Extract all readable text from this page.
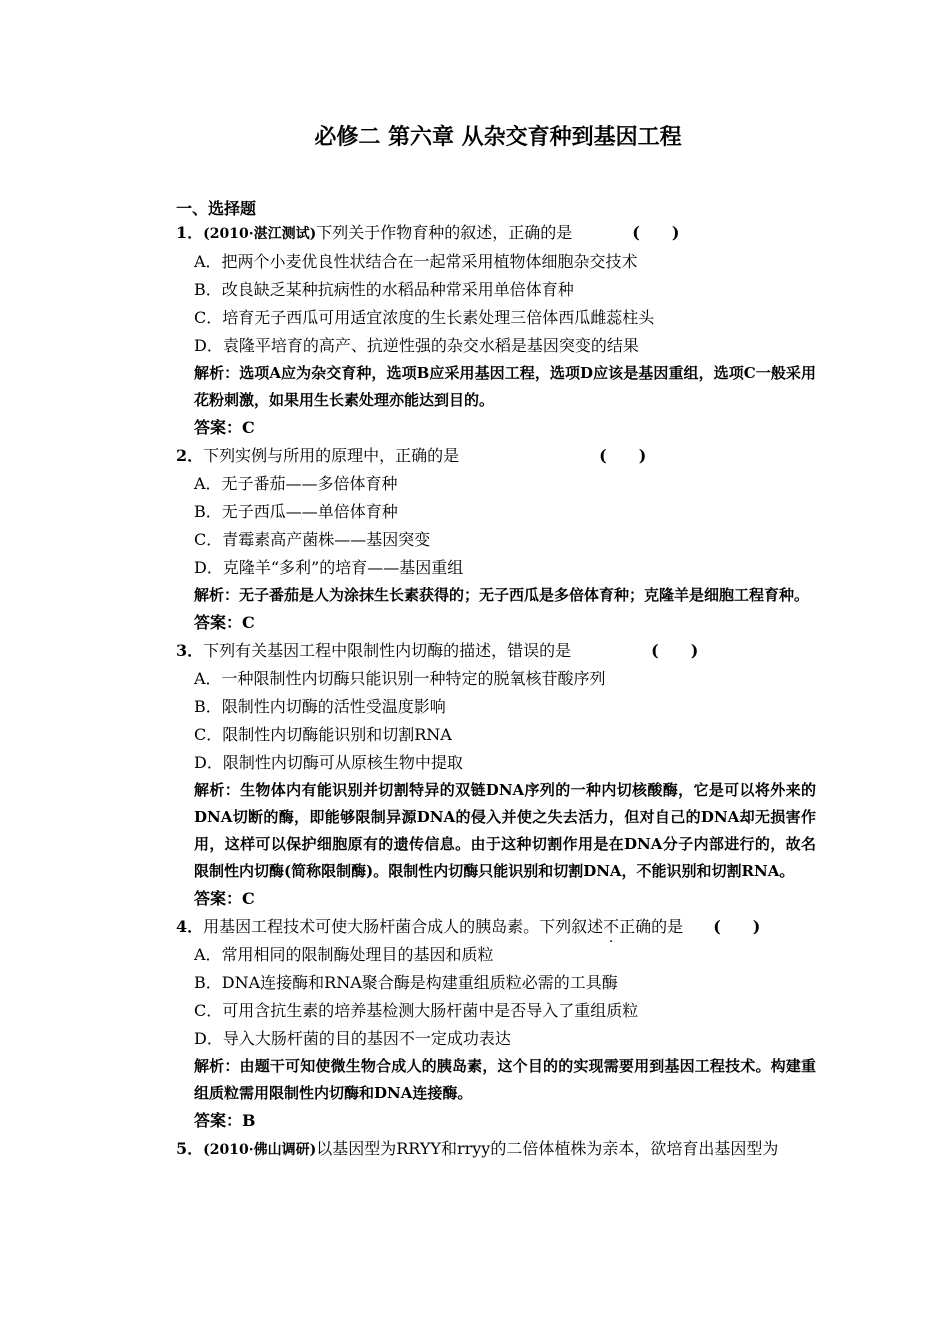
必修二 第六章 从杂交育种到基因工程
一、选择题
1．(2010·湛江测试)下列关于作物育种的叙述，正确的是	(　　)
A．把两个小麦优良性状结合在一起常采用植物体细胞杂交技术
B．改良缺乏某种抗病性的水稻品种常采用单倍体育种
C．培育无子西瓜可用适宜浓度的生长素处理三倍体西瓜雌蕊柱头
D．袁隆平培育的高产、抗逆性强的杂交水稻是基因突变的结果
解析：选项A应为杂交育种，选项B应采用基因工程，选项D应该是基因重组，选项C一般采用花粉刺激，如果用生长素处理亦能达到目的。
答案：C
2．下列实例与所用的原理中，正确的是	(　　)
A．无子番茄——多倍体育种
B．无子西瓜——单倍体育种
C．青霉素高产菌株——基因突变
D．克隆羊“多利”的培育——基因重组
解析：无子番茄是人为涂抹生长素获得的；无子西瓜是多倍体育种；克隆羊是细胞工程育种。
答案：C
3．下列有关基因工程中限制性内切酶的描述，错误的是	(　　)
A．一种限制性内切酶只能识别一种特定的脱氧核苷酸序列
B．限制性内切酶的活性受温度影响
C．限制性内切酶能识别和切割RNA
D．限制性内切酶可从原核生物中提取
解析：生物体内有能识别并切割特异的双链DNA序列的一种内切核酸酶，它是可以将外来的DNA切断的酶，即能够限制异源DNA的侵入并使之失去活力，但对自己的DNA却无损害作用，这样可以保护细胞原有的遗传信息。由于这种切割作用是在DNA分子内部进行的，故名限制性内切酶(简称限制酶)。限制性内切酶只能识别和切割DNA，不能识别和切割RNA。
答案：C
4．用基因工程技术可使大肠杆菌合成人的胰岛素。下列叙述不正确的是 (　　)
A．常用相同的限制酶处理目的基因和质粒
B．DNA连接酶和RNA聚合酶是构建重组质粒必需的工具酶
C．可用含抗生素的培养基检测大肠杆菌中是否导入了重组质粒
D．导入大肠杆菌的目的基因不一定成功表达
解析：由题干可知使微生物合成人的胰岛素，这个目的的实现需要用到基因工程技术。构建重组质粒需用限制性内切酶和DNA连接酶。
答案：B
5．(2010·佛山调研)以基因型为RRYY和rryy的二倍体植株为亲本，欲培育出基因型为
